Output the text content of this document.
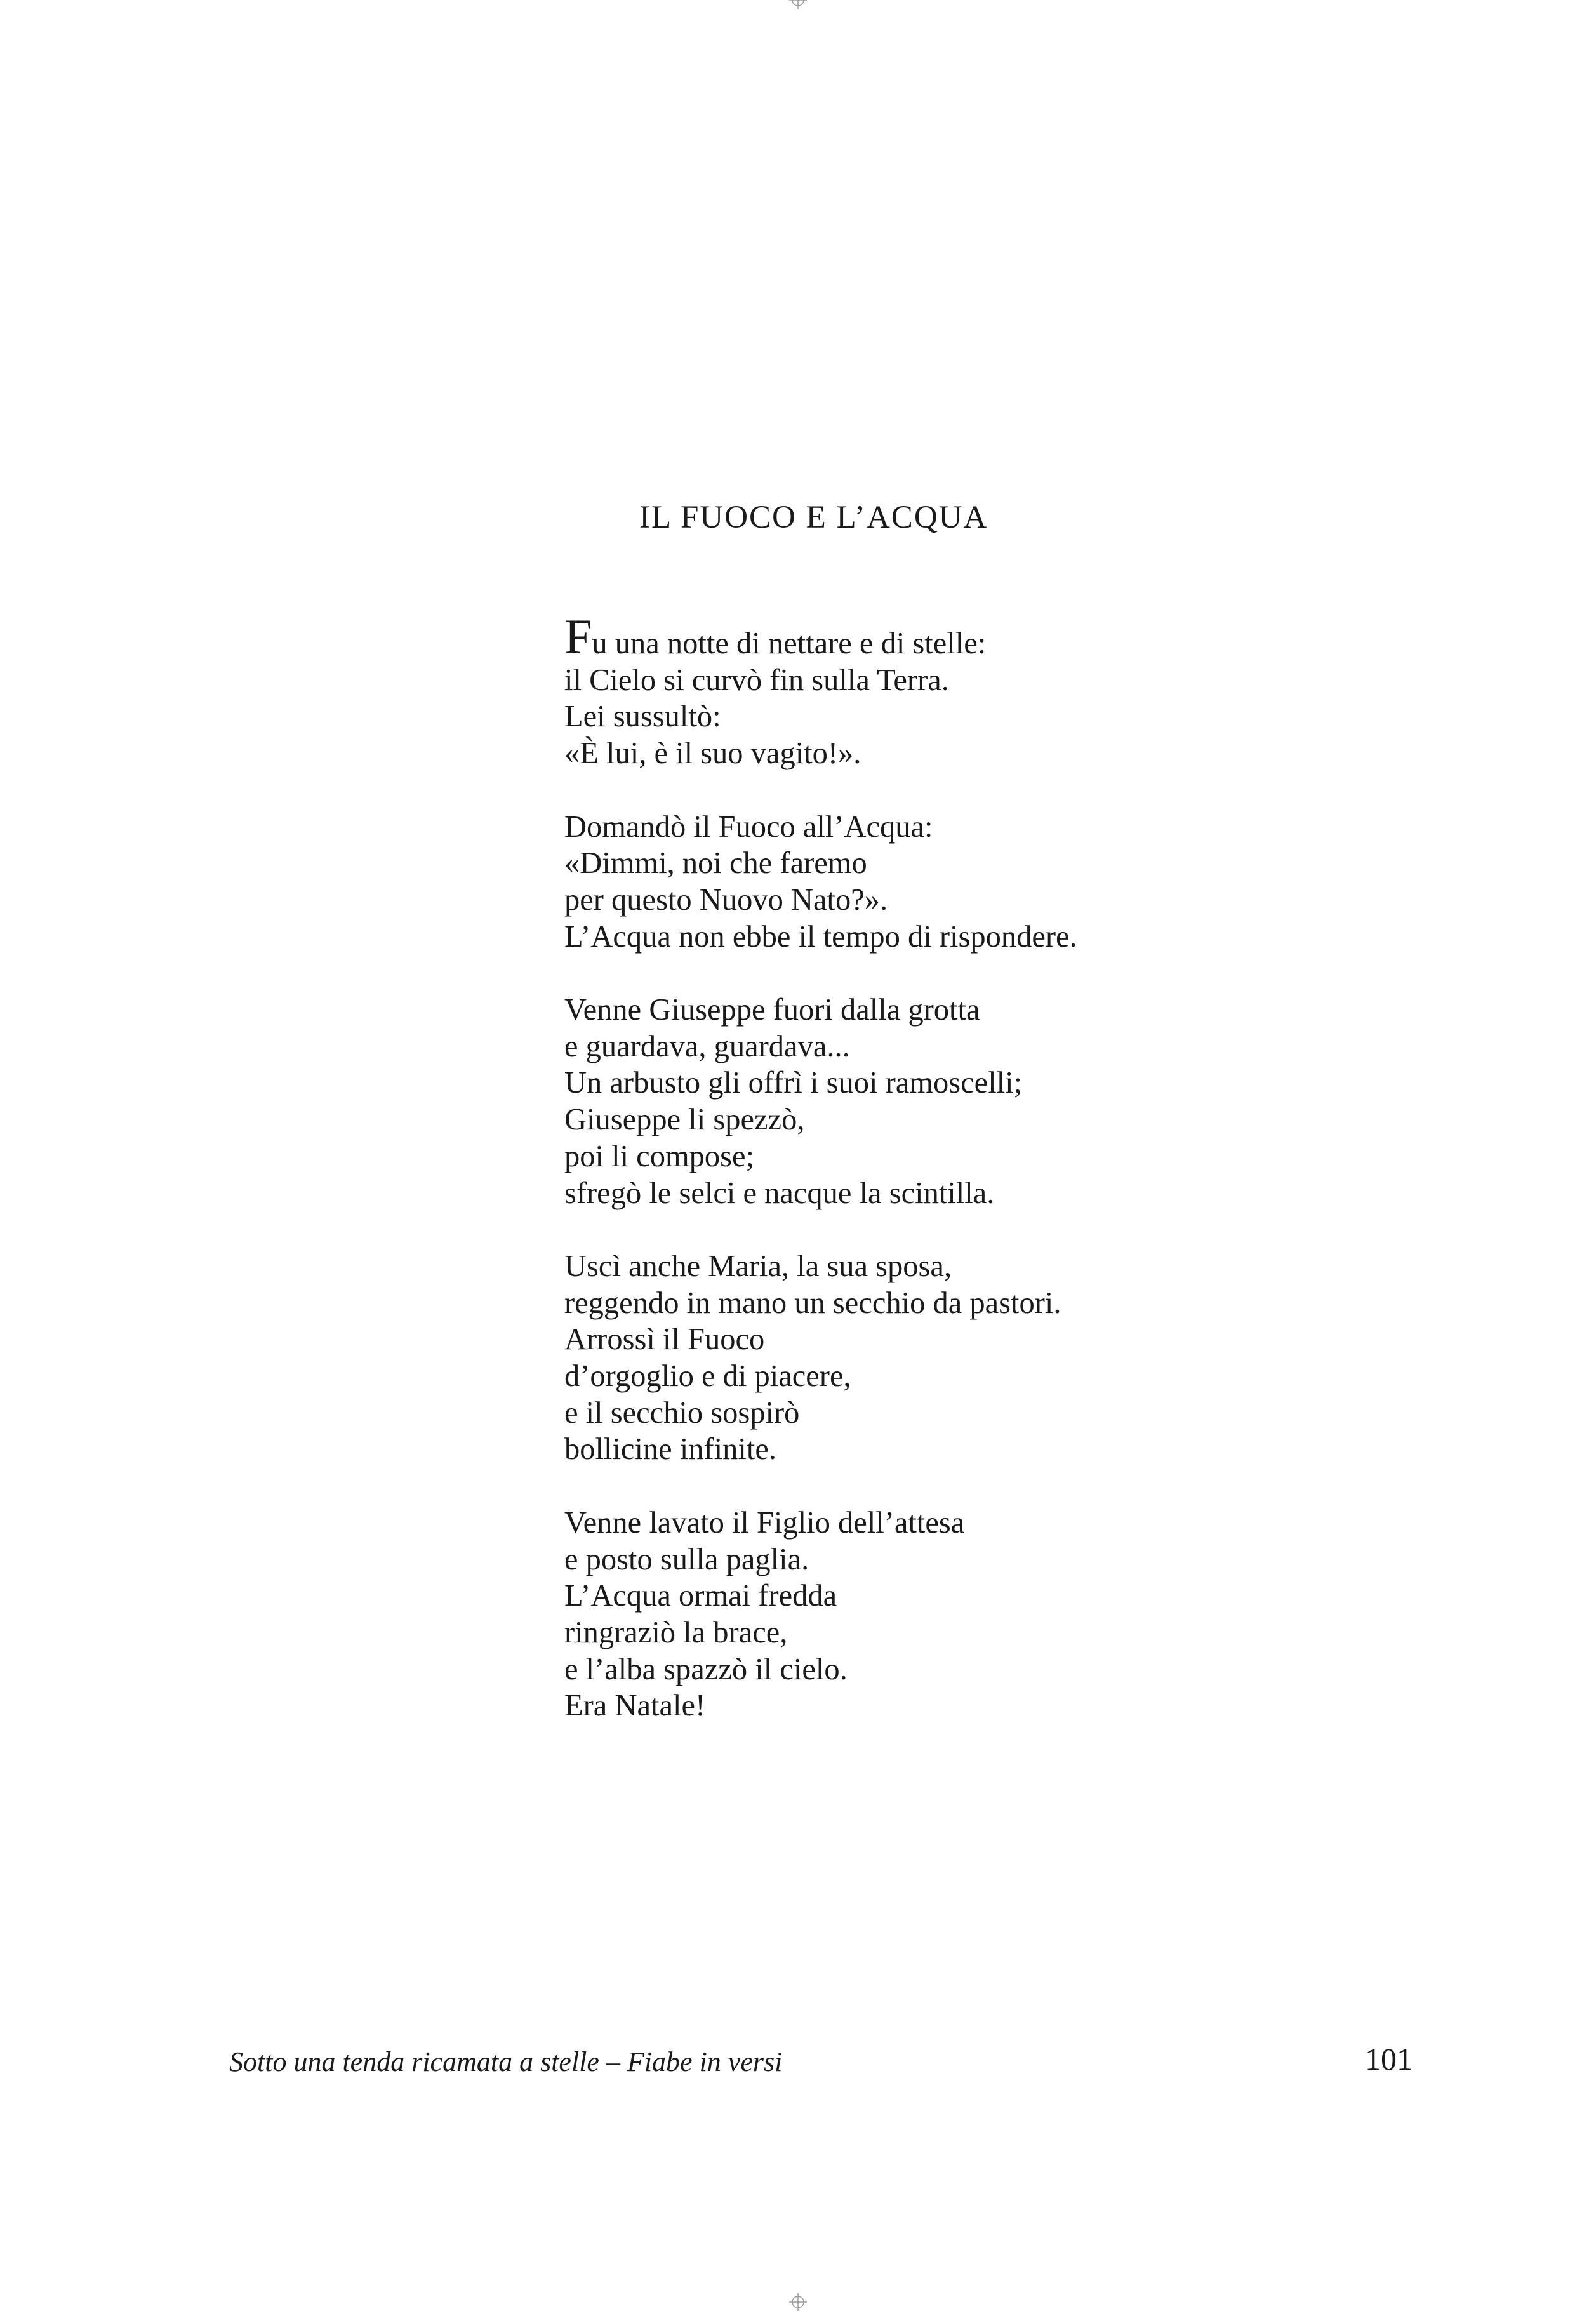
IL FUOCO E L’ACQUA
Fu una notte di nettare e di stelle:
il Cielo si curvò fin sulla Terra.
Lei sussultò:
«È lui, è il suo vagito!».
Domandò il Fuoco all’Acqua:
«Dimmi, noi che faremo
per questo Nuovo Nato?».
L’Acqua non ebbe il tempo di rispondere.
Venne Giuseppe fuori dalla grotta
e guardava, guardava...
Un arbusto gli offrì i suoi ramoscelli;
Giuseppe li spezzò,
poi li compose;
sfregò le selci e nacque la scintilla.
Uscì anche Maria, la sua sposa,
reggendo in mano un secchio da pastori.
Arrossì il Fuoco
d’orgoglio e di piacere,
e il secchio sospirò
bollicine infinite.
Venne lavato il Figlio dell’attesa
e posto sulla paglia.
L’Acqua ormai fredda
ringraziò la brace,
e l’alba spazzò il cielo.
Era Natale!
Sotto una tenda ricamata a stelle – Fiabe in versi	101
